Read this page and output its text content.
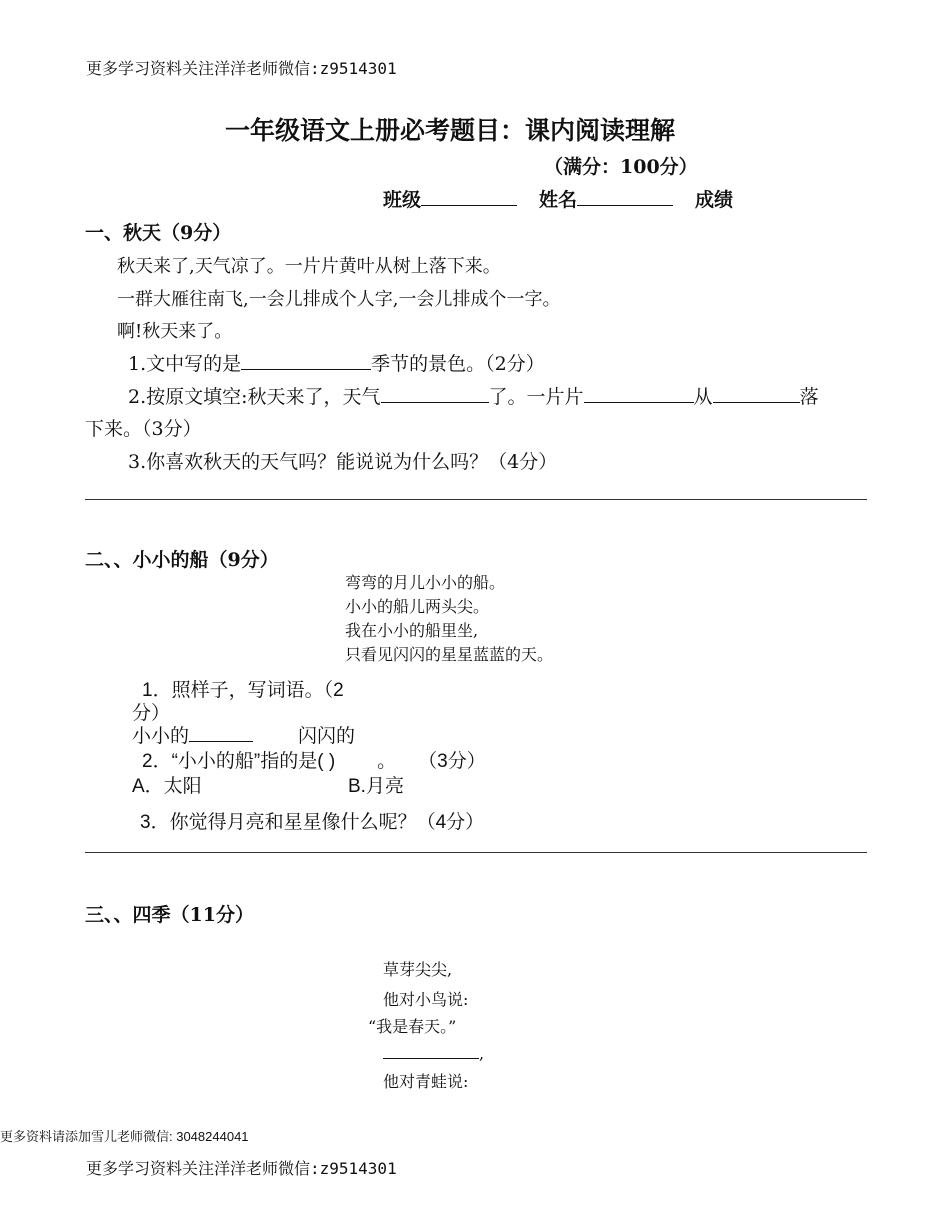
更多学习资料关注洋洋老师微信:z9514301
一年级语文上册必考题目：课内阅读理解
（满分：100分）
班级	姓名	成绩
一、秋天（9分）
秋天来了,天气凉了。一片片黄叶从树上落下来。
一群大雁往南飞,一会儿排成个人字,一会儿排成个一字。
啊!秋天来了。
1.文中写的是	季节的景色。（2分）
2.按原文填空:秋天来了，天气	了。一片片	从	落
下来。（3分）
3.你喜欢秋天的天气吗？能说说为什么吗？（4分）
二、、小小的船（9分）
弯弯的月儿小小的船。
小小的船儿两头尖。
我在小小的船里坐,
只看见闪闪的星星蓝蓝的天。
1．照样子，写词语。（2
分）
小小的	闪闪的
2．“小小的船”指的是( ) 。 （3分）
A．太阳	B.月亮
3．你觉得月亮和星星像什么呢？（4分）
三、、四季（11分）
草芽尖尖,
他对小鸟说:
“我是春天。”
,
他对青蛙说:
更多资料请添加雪儿老师微信: 3048244041
更多学习资料关注洋洋老师微信:z9514301
